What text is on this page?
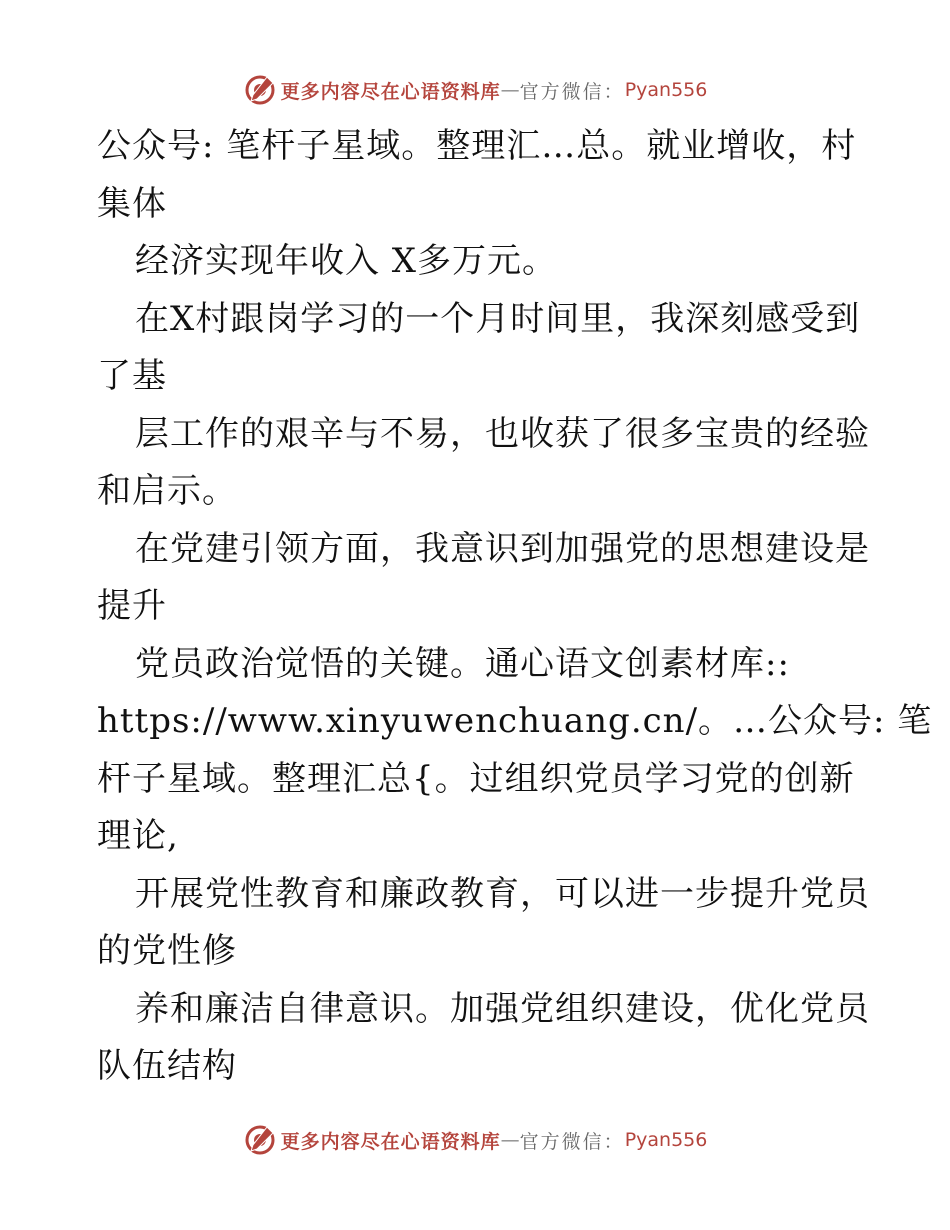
更多内容尽在心语资料库 — 官方微信： Pyan556
公众号: 笔杆子星域。整理汇…总。就业增收，村
集体
经济实现年收入 X多万元。
在X村跟岗学习的一个月时间里，我深刻感受到
了基
层工作的艰辛与不易，也收获了很多宝贵的经验
和启示。
在党建引领方面，我意识到加强党的思想建设是
提升
党员政治觉悟的关键。通心语文创素材库::
https://www.xinyuwenchuang.cn/。…公众号: 笔
杆子星域。整理汇总{。过组织党员学习党的创新
理论,
开展党性教育和廉政教育，可以进一步提升党员
的党性修
养和廉洁自律意识。加强党组织建设，优化党员
队伍结构
更多内容尽在心语资料库 — 官方微信： Pyan556
